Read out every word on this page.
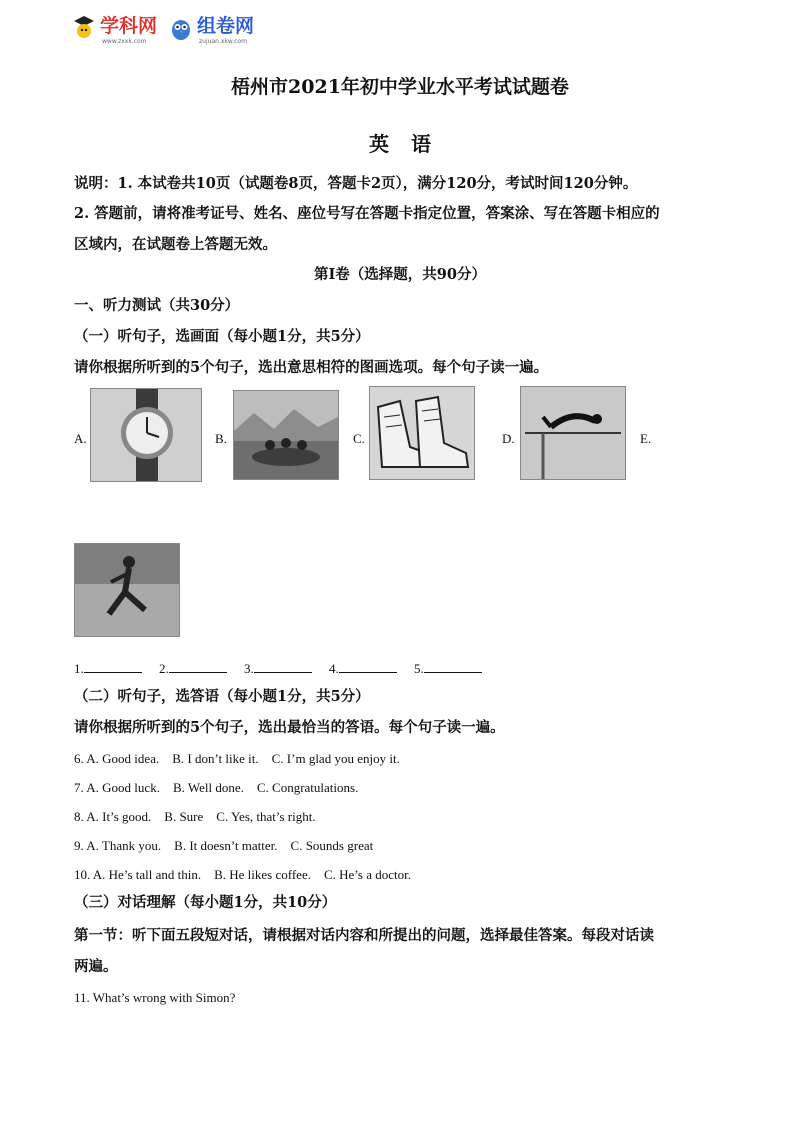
学科网
www.zxxk.com
组卷网
zujuan.xkw.com
梧州市2021年初中学业水平考试试题卷
英语
说明：1. 本试卷共10页（试题卷8页，答题卡2页），满分120分，考试时间120分钟。
2. 答题前，请将准考证号、姓名、座位号写在答题卡指定位置，答案涂、写在答题卡相应的
区域内，在试题卷上答题无效。
第Ⅰ卷（选择题，共90分）
一、听力测试（共30分）
（一）听句子，选画面（每小题1分，共5分）
请你根据所听到的5个句子，选出意思相符的图画选项。每个句子读一遍。
A.	B.	C.	D.	E.
1.	2.	3.	4.	5.
（二）听句子，选答语（每小题1分，共5分）
请你根据所听到的5个句子，选出最恰当的答语。每个句子读一遍。
6. A. Good idea.    B. I don’t like it.    C. I’m glad you enjoy it.
7. A. Good luck.    B. Well done.    C. Congratulations.
8. A. It’s good.    B. Sure    C. Yes, that’s right.
9. A. Thank you.    B. It doesn’t matter.    C. Sounds great
10. A. He’s tall and thin.    B. He likes coffee.    C. He’s a doctor.
（三）对话理解（每小题1分，共10分）
第一节：听下面五段短对话，请根据对话内容和所提出的问题，选择最佳答案。每段对话读
两遍。
11. What’s wrong with Simon?
